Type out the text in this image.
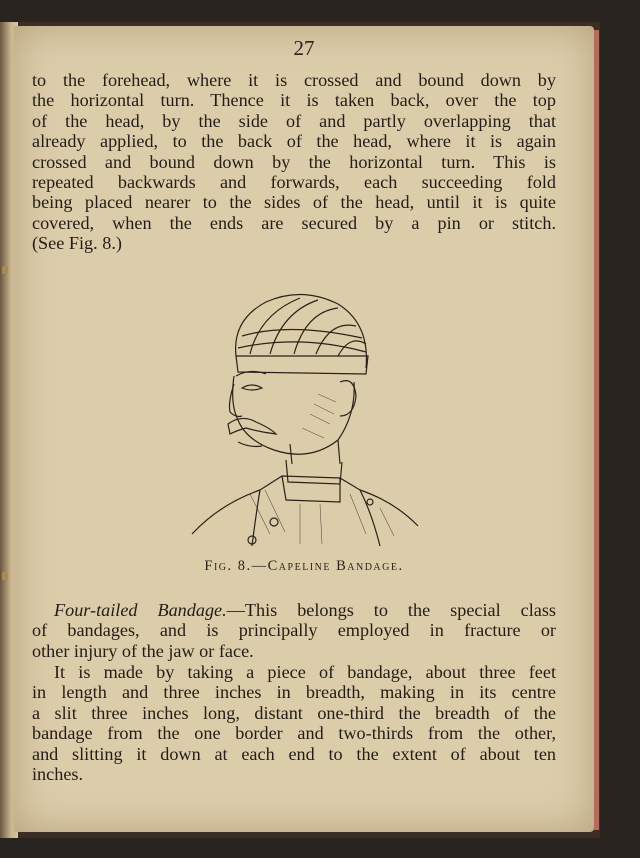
27
to the forehead, where it is crossed and bound down by
the horizontal turn. Thence it is taken back, over the top
of the head, by the side of and partly overlapping that
already applied, to the back of the head, where it is again
crossed and bound down by the horizontal turn. This is
repeated backwards and forwards, each succeeding fold
being placed nearer to the sides of the head, until it is quite
covered, when the ends are secured by a pin or stitch.
(See Fig. 8.)
Fig. 8.—Capeline Bandage.
Four-tailed Bandage.—This belongs to the special class
of bandages, and is principally employed in fracture or
other injury of the jaw or face.
It is made by taking a piece of bandage, about three feet
in length and three inches in breadth, making in its centre
a slit three inches long, distant one-third the breadth of the
bandage from the one border and two-thirds from the other,
and slitting it down at each end to the extent of about ten
inches.
